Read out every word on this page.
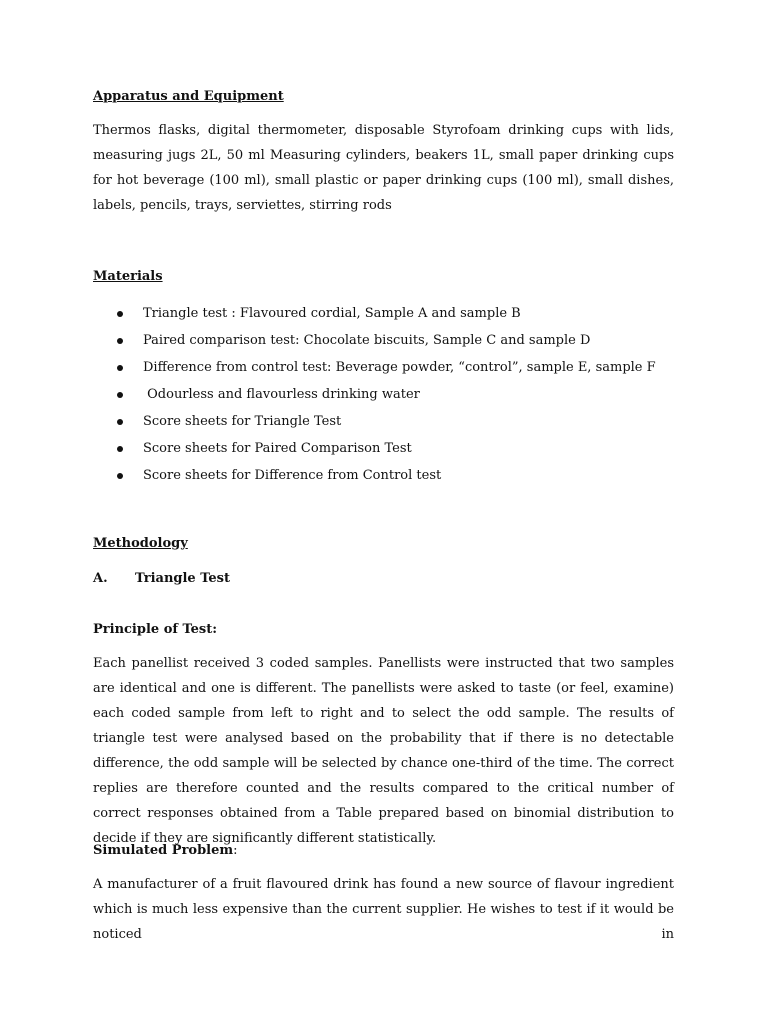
Apparatus and Equipment

Thermos flasks, digital thermometer, disposable Styrofoam drinking cups with lids, measuring jugs 2L, 50 ml Measuring cylinders, beakers 1L, small paper drinking cups for hot beverage (100 ml), small plastic or paper drinking cups (100 ml), small dishes, labels, pencils, trays, serviettes, stirring rods

Materials
Triangle test : Flavoured cordial, Sample A and sample B
Paired comparison test: Chocolate biscuits, Sample C and sample D
Difference from control test: Beverage powder, “control”, sample E, sample F
Odourless and flavourless drinking water
Score sheets for Triangle Test
Score sheets for Paired Comparison Test
Score sheets for Difference from Control test
Methodology
A. Triangle Test
Principle of Test:

Each panellist received 3 coded samples. Panellists were instructed that two samples are identical and one is different. The panellists were asked to taste (or feel, examine) each coded sample from left to right and to select the odd sample. The results of triangle test were analysed based on the probability that if there is no detectable difference, the odd sample will be selected by chance one-third of the time. The correct replies are therefore counted and the results compared to the critical number of correct responses obtained from a Table prepared based on binomial distribution to decide if they are significantly different statistically.

Simulated Problem:

A manufacturer of a fruit flavoured drink has found a new source of flavour ingredient which is much less expensive than the current supplier. He wishes to test if it would be noticed in
